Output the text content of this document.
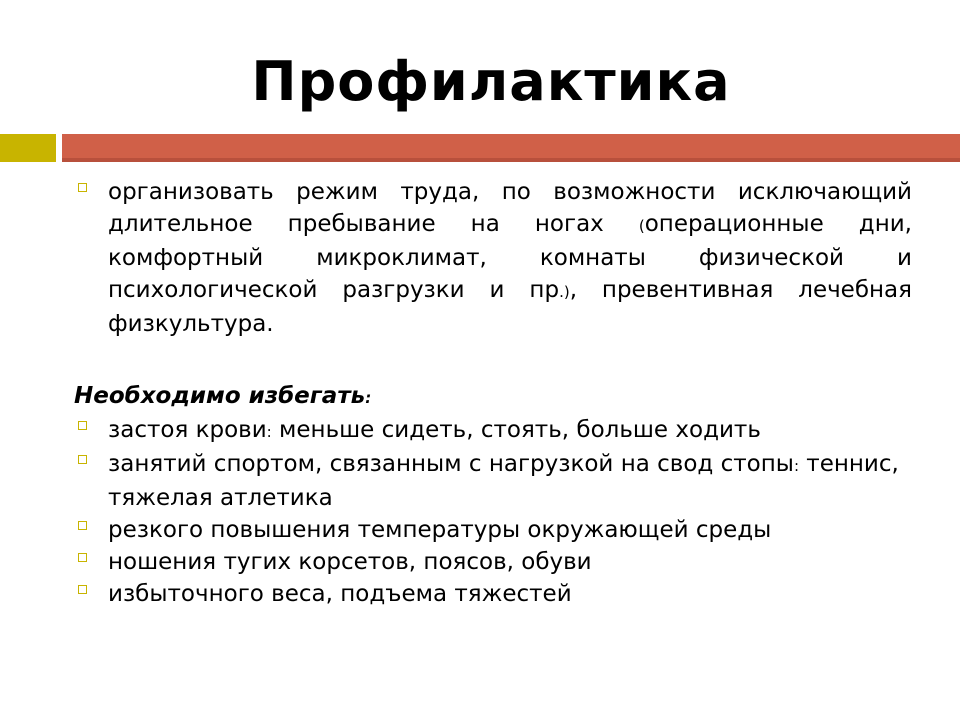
Профилактика
организовать режим труда, по возможности исключающий длительное пребывание на ногах (операционные дни, комфортный микроклимат, комнаты физической и психологической разгрузки и пр.), превентивная лечебная физкультура.
Необходимо избегать:
застоя крови: меньше сидеть, стоять, больше ходить
занятий спортом, связанным с нагрузкой на свод стопы: теннис, тяжелая атлетика
резкого повышения температуры окружающей среды
ношения тугих корсетов, поясов, обуви
избыточного веса, подъема тяжестей
